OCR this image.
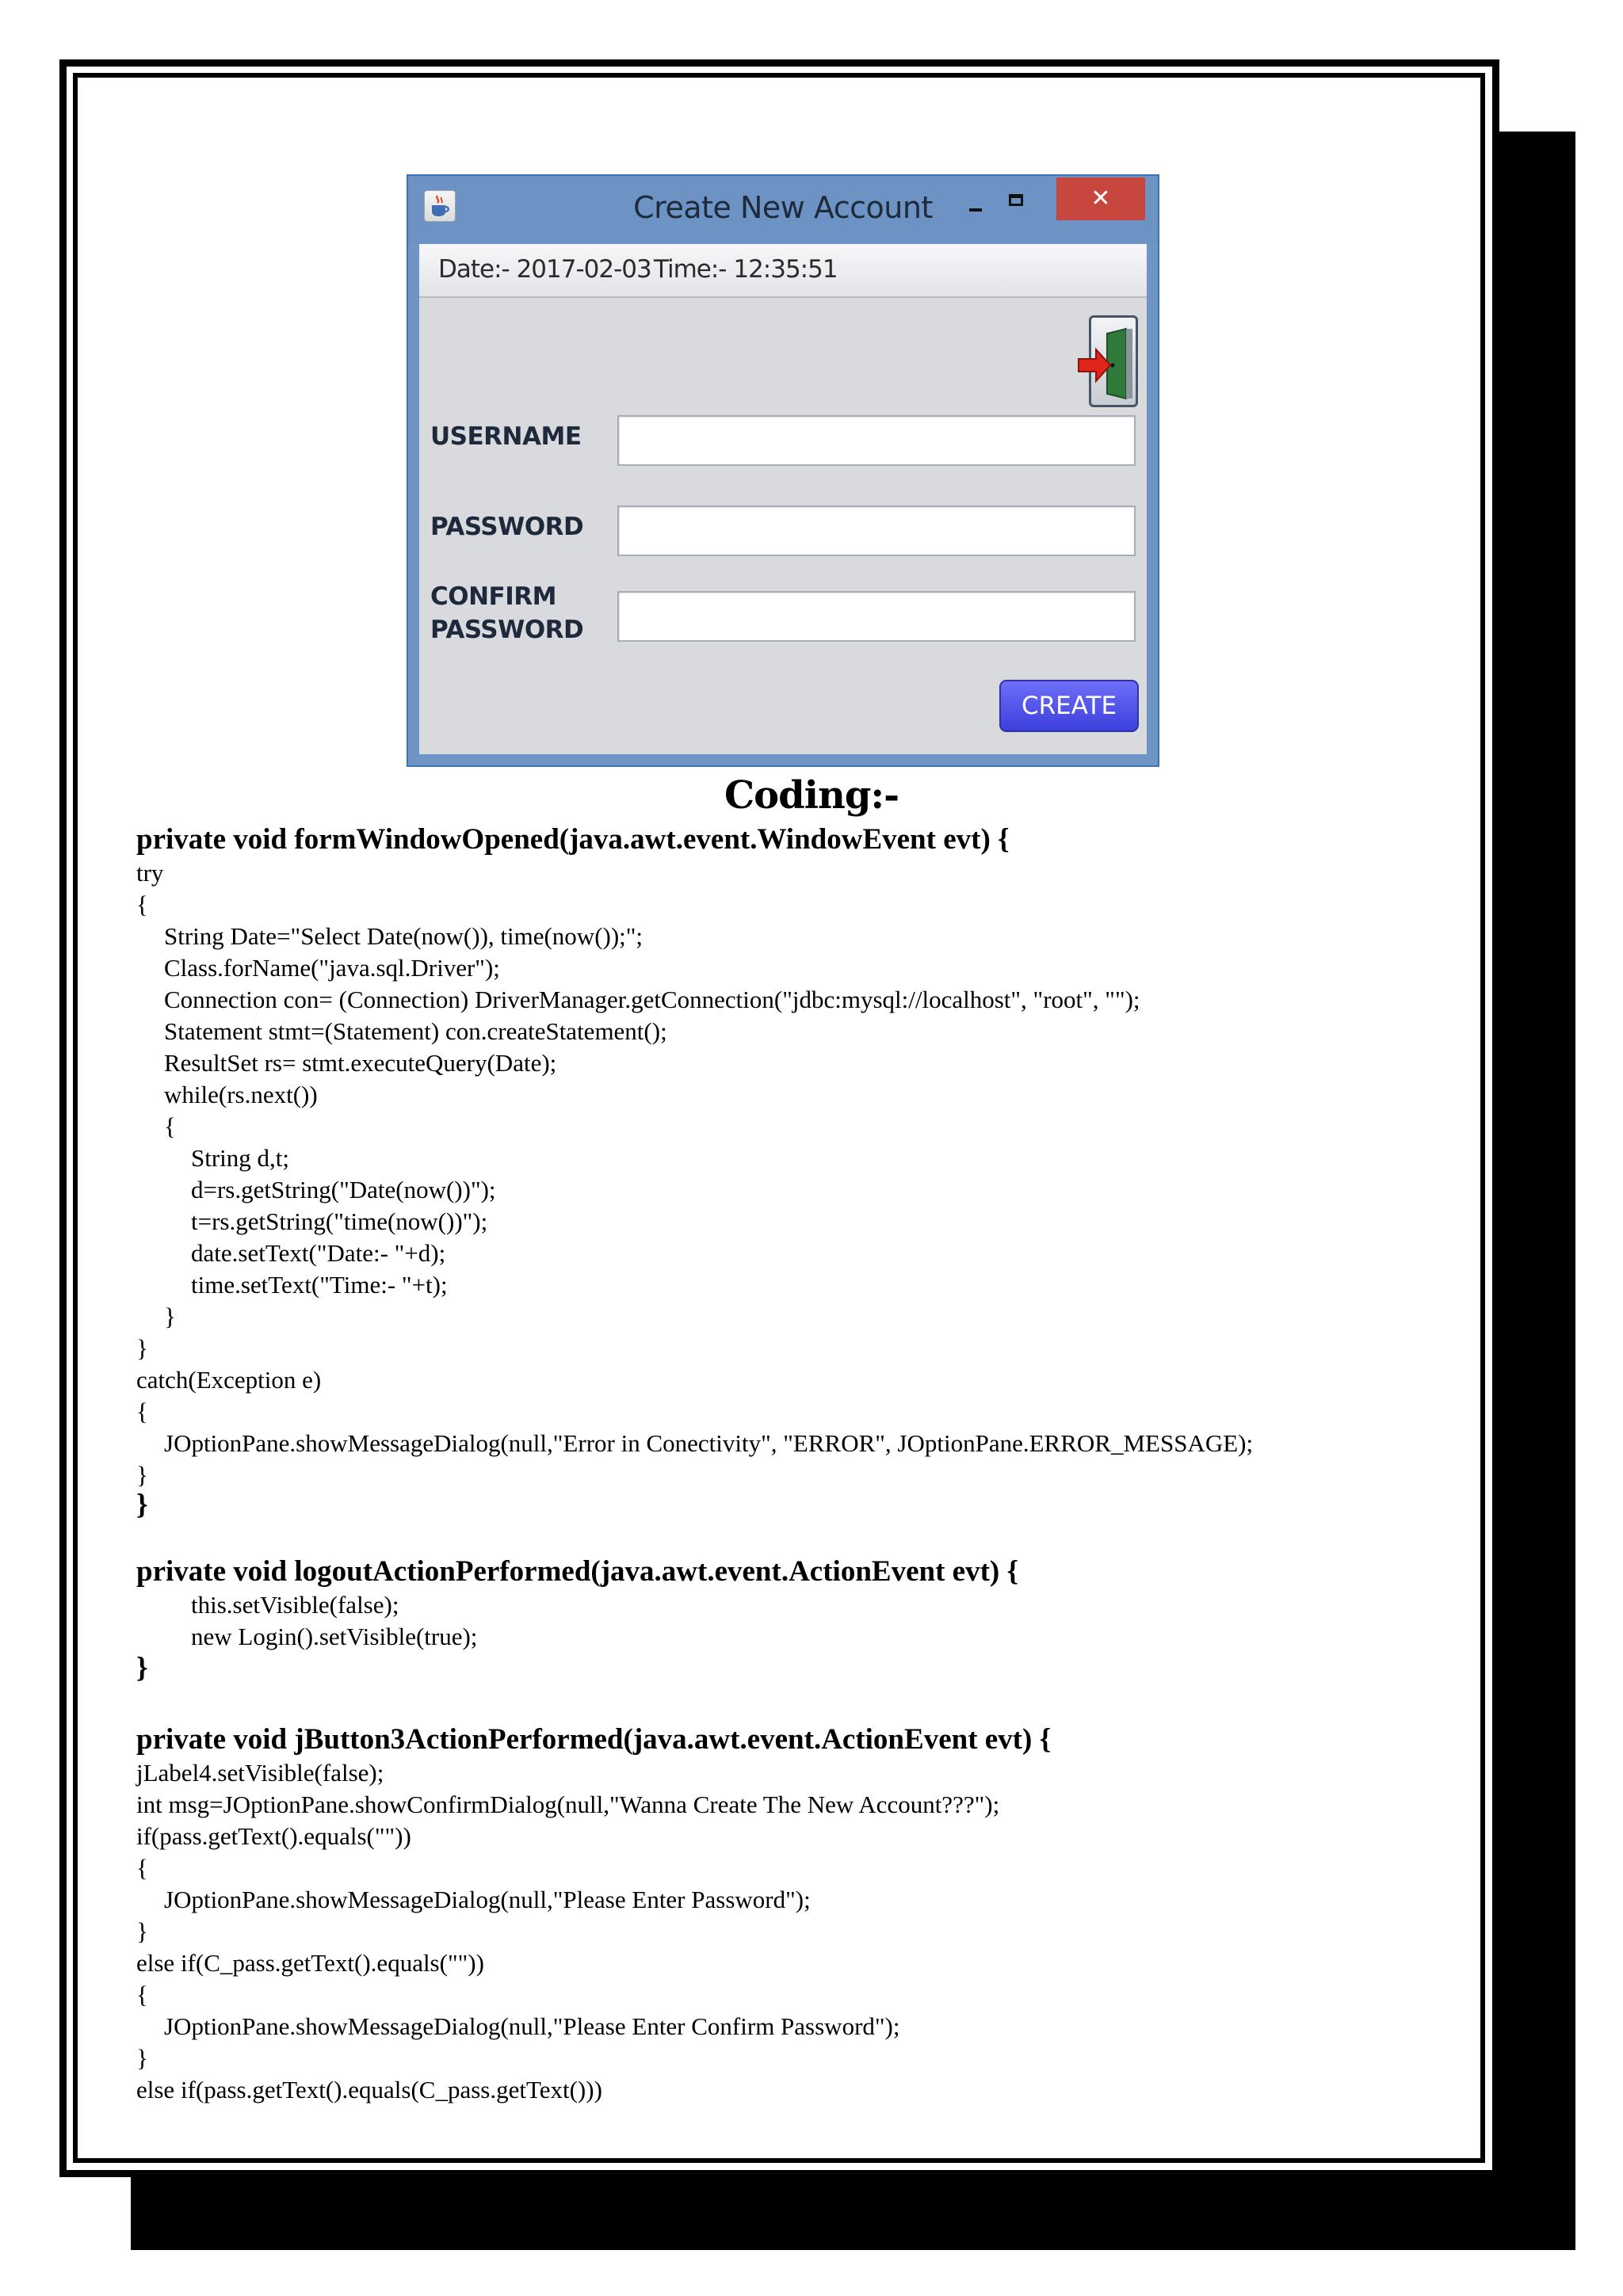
Create New Account	✕
Date:- 2017-02-03 Time:- 12:35:51
USERNAME
PASSWORD
CONFIRM
PASSWORD
CREATE
Coding:-
private void formWindowOpened(java.awt.event.WindowEvent evt) {
try
{
String Date="Select Date(now()), time(now());";
Class.forName("java.sql.Driver");
Connection con= (Connection) DriverManager.getConnection("jdbc:mysql://localhost", "root", "");
Statement stmt=(Statement) con.createStatement();
ResultSet rs= stmt.executeQuery(Date);
while(rs.next())
{
String d,t;
d=rs.getString("Date(now())");
t=rs.getString("time(now())");
date.setText("Date:- "+d);
time.setText("Time:- "+t);
}
}
catch(Exception e)
{
JOptionPane.showMessageDialog(null,"Error in Conectivity", "ERROR", JOptionPane.ERROR_MESSAGE);
}
}
private void logoutActionPerformed(java.awt.event.ActionEvent evt) {
this.setVisible(false);
new Login().setVisible(true);
}
private void jButton3ActionPerformed(java.awt.event.ActionEvent evt) {
jLabel4.setVisible(false);
int msg=JOptionPane.showConfirmDialog(null,"Wanna Create The New Account???");
if(pass.getText().equals(""))
{
JOptionPane.showMessageDialog(null,"Please Enter Password");
}
else if(C_pass.getText().equals(""))
{
JOptionPane.showMessageDialog(null,"Please Enter Confirm Password");
}
else if(pass.getText().equals(C_pass.getText()))
